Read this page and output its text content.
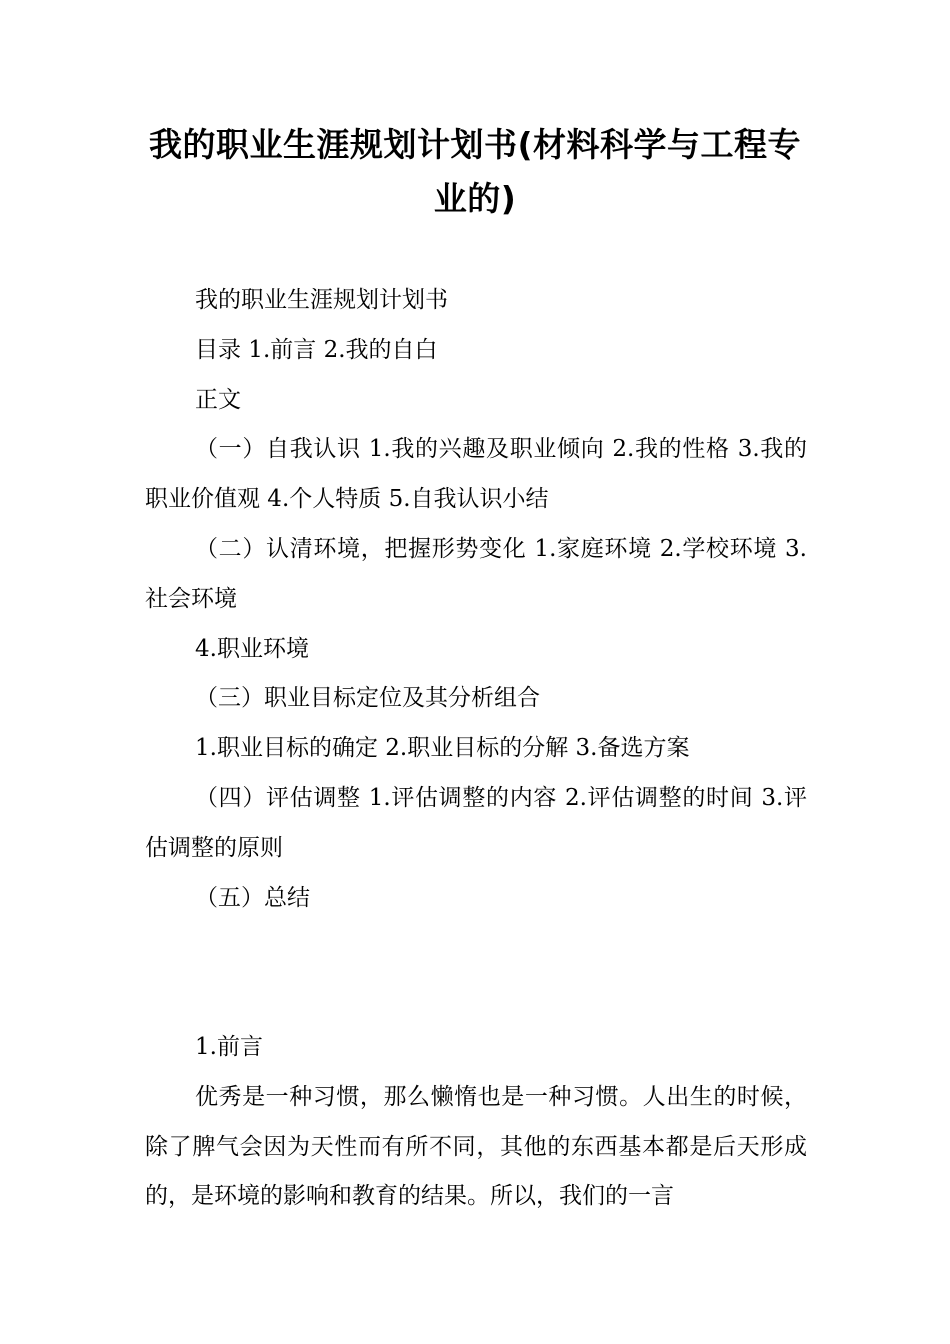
我的职业生涯规划计划书(材料科学与工程专业的)

我的职业生涯规划计划书

目录 1.前言 2.我的自白

正文

（一）自我认识 1.我的兴趣及职业倾向 2.我的性格 3.我的职业价值观 4.个人特质 5.自我认识小结

（二）认清环境，把握形势变化 1.家庭环境 2.学校环境 3.社会环境

4.职业环境

（三）职业目标定位及其分析组合

1.职业目标的确定 2.职业目标的分解 3.备选方案

（四）评估调整 1.评估调整的内容 2.评估调整的时间 3.评估调整的原则

（五）总结

1.前言

优秀是一种习惯，那么懒惰也是一种习惯。人出生的时候，除了脾气会因为天性而有所不同，其他的东西基本都是后天形成的，是环境的影响和教育的结果。所以，我们的一言
